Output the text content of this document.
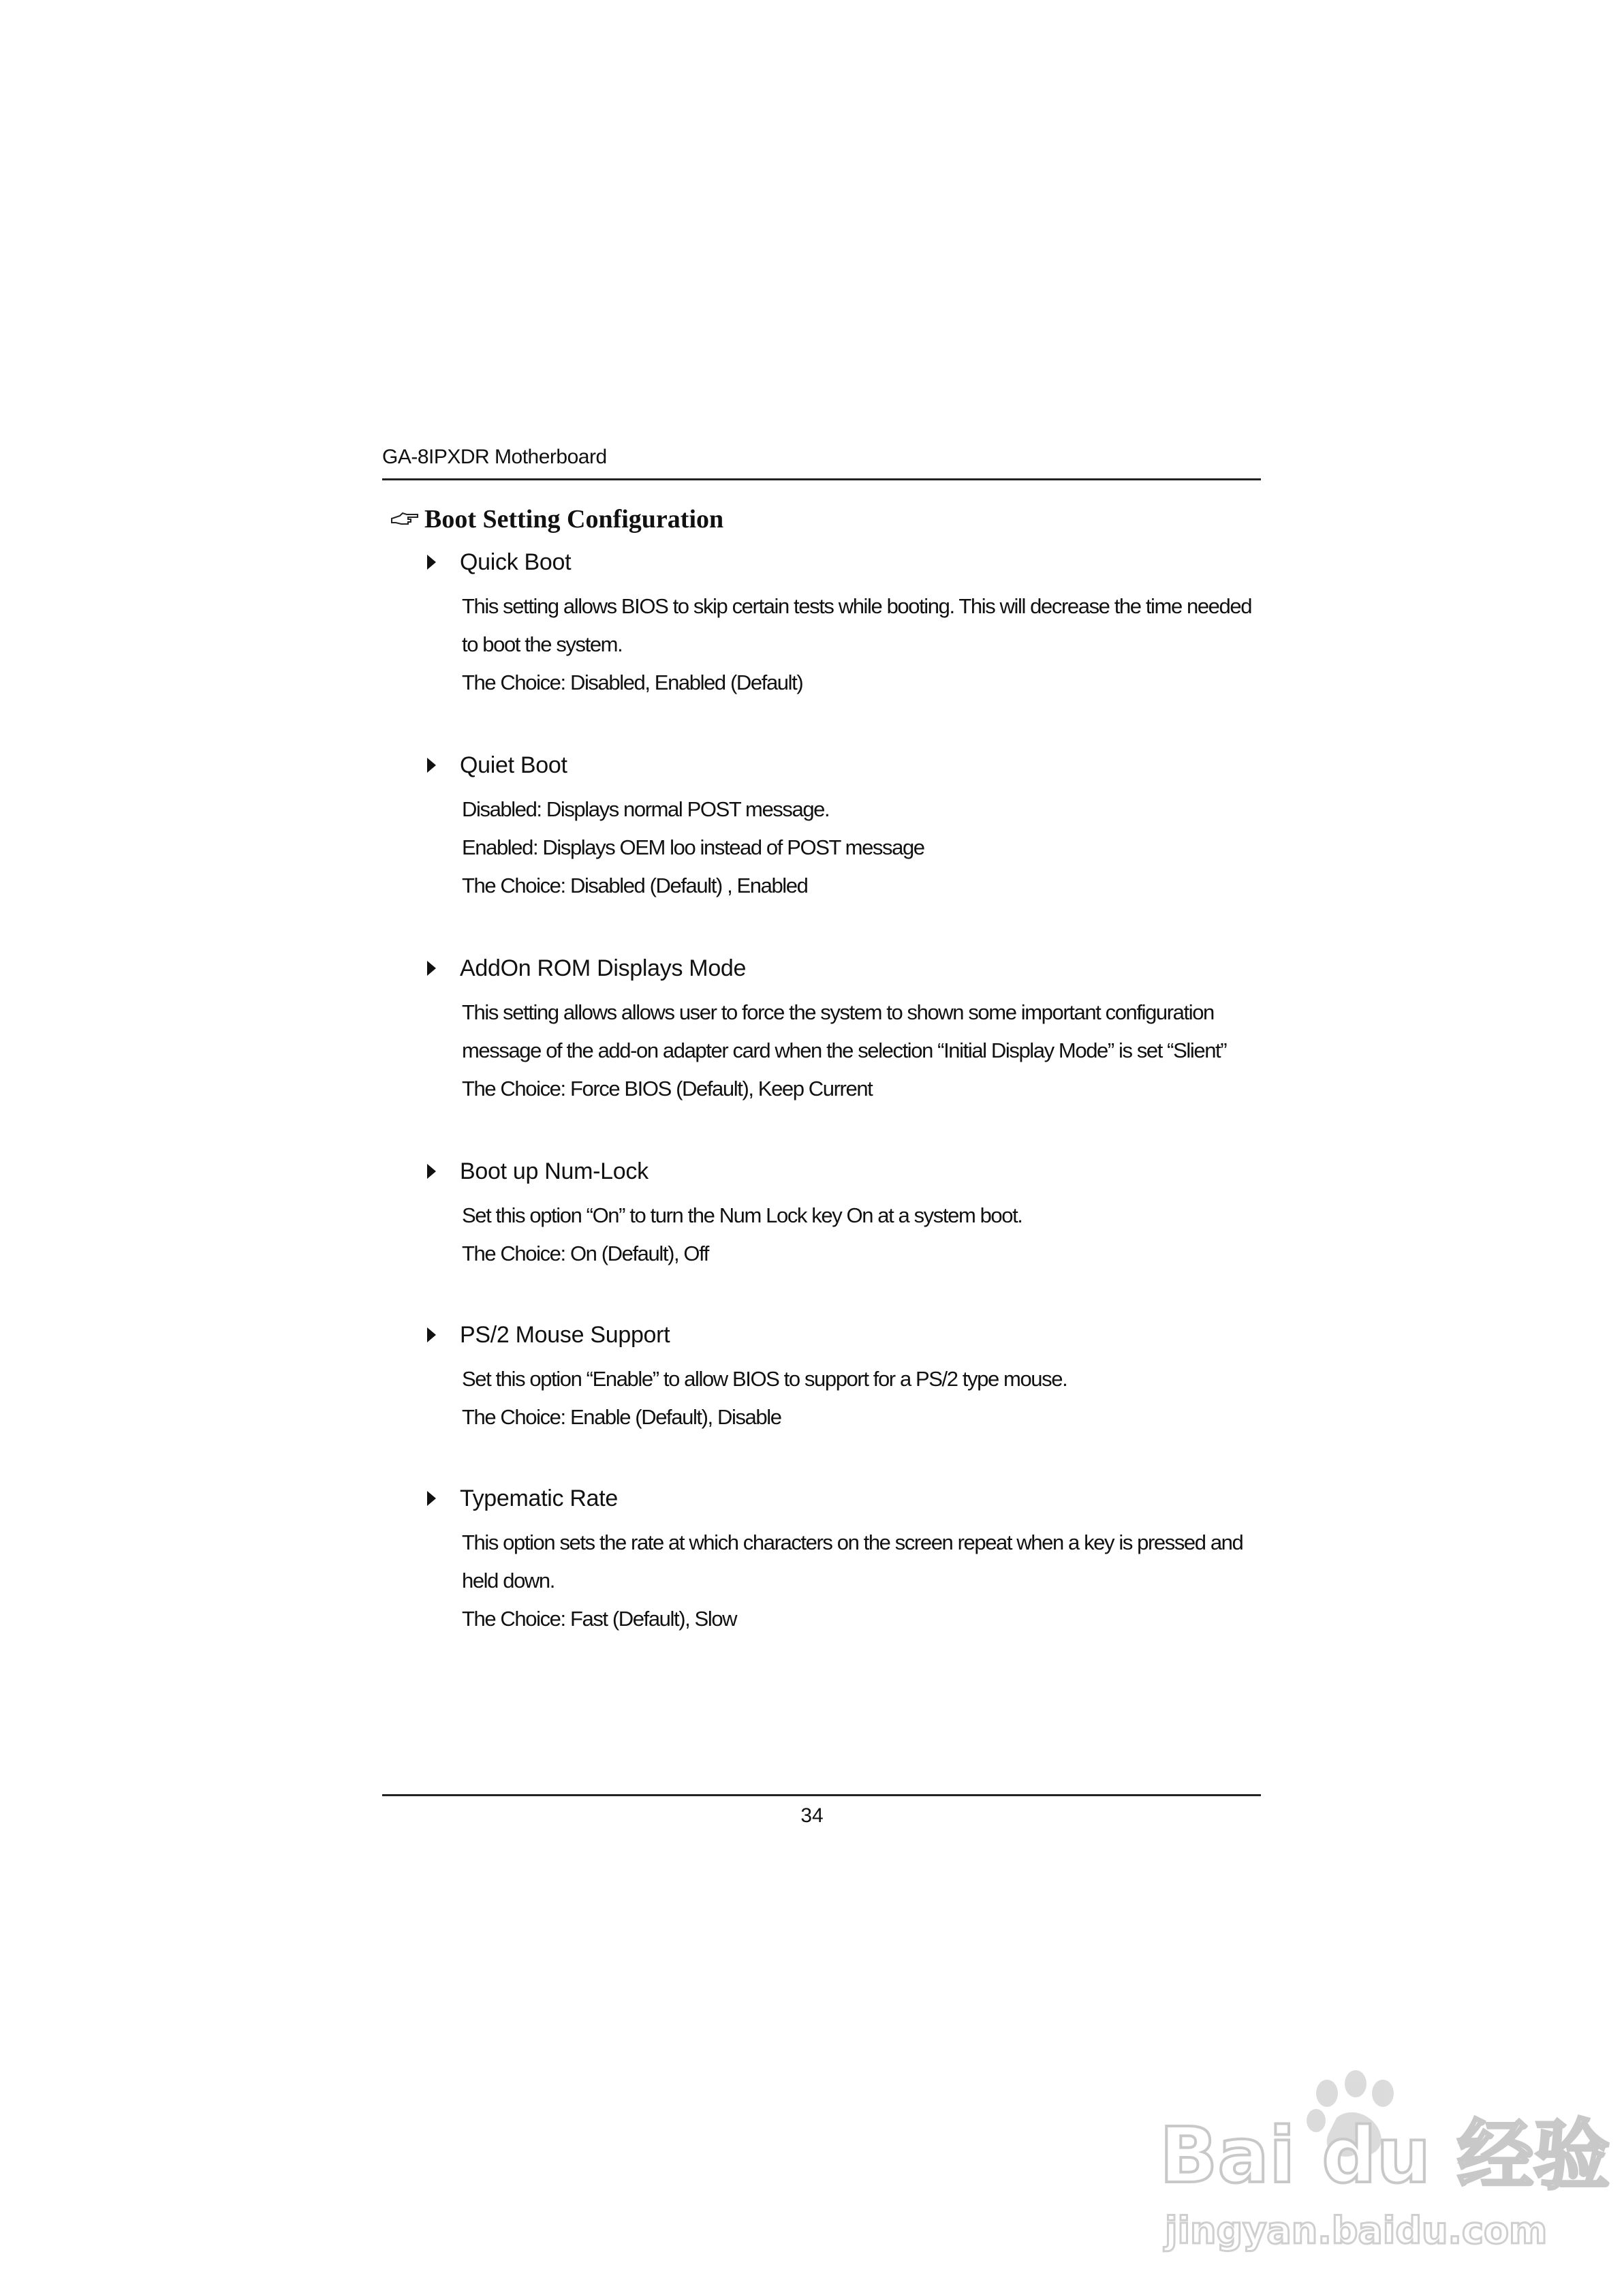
GA-8IPXDR Motherboard
Boot Setting Configuration
Quick Boot
This setting allows BIOS to skip certain tests while booting. This will decrease the time needed
to boot the system.
The Choice: Disabled, Enabled (Default)
Quiet Boot
Disabled: Displays normal POST message.
Enabled: Displays OEM loo instead of POST message
The Choice: Disabled (Default) , Enabled
AddOn ROM Displays Mode
This setting allows allows user to force the system to shown some important configuration
message of the add-on adapter card when the selection “Initial Display Mode” is set “Slient”
The Choice: Force BIOS (Default), Keep Current
Boot up Num-Lock
Set this option “On” to turn the Num Lock key On at a system boot.
The Choice: On (Default), Off
PS/2 Mouse Support
Set this option “Enable” to allow BIOS to support for a PS/2 type mouse.
The Choice: Enable (Default), Disable
Typematic Rate
This option sets the rate at which characters on the screen repeat when a key is pressed and
held down.
The Choice: Fast (Default), Slow
34
Bai du 经验
jingyan.baidu.com
